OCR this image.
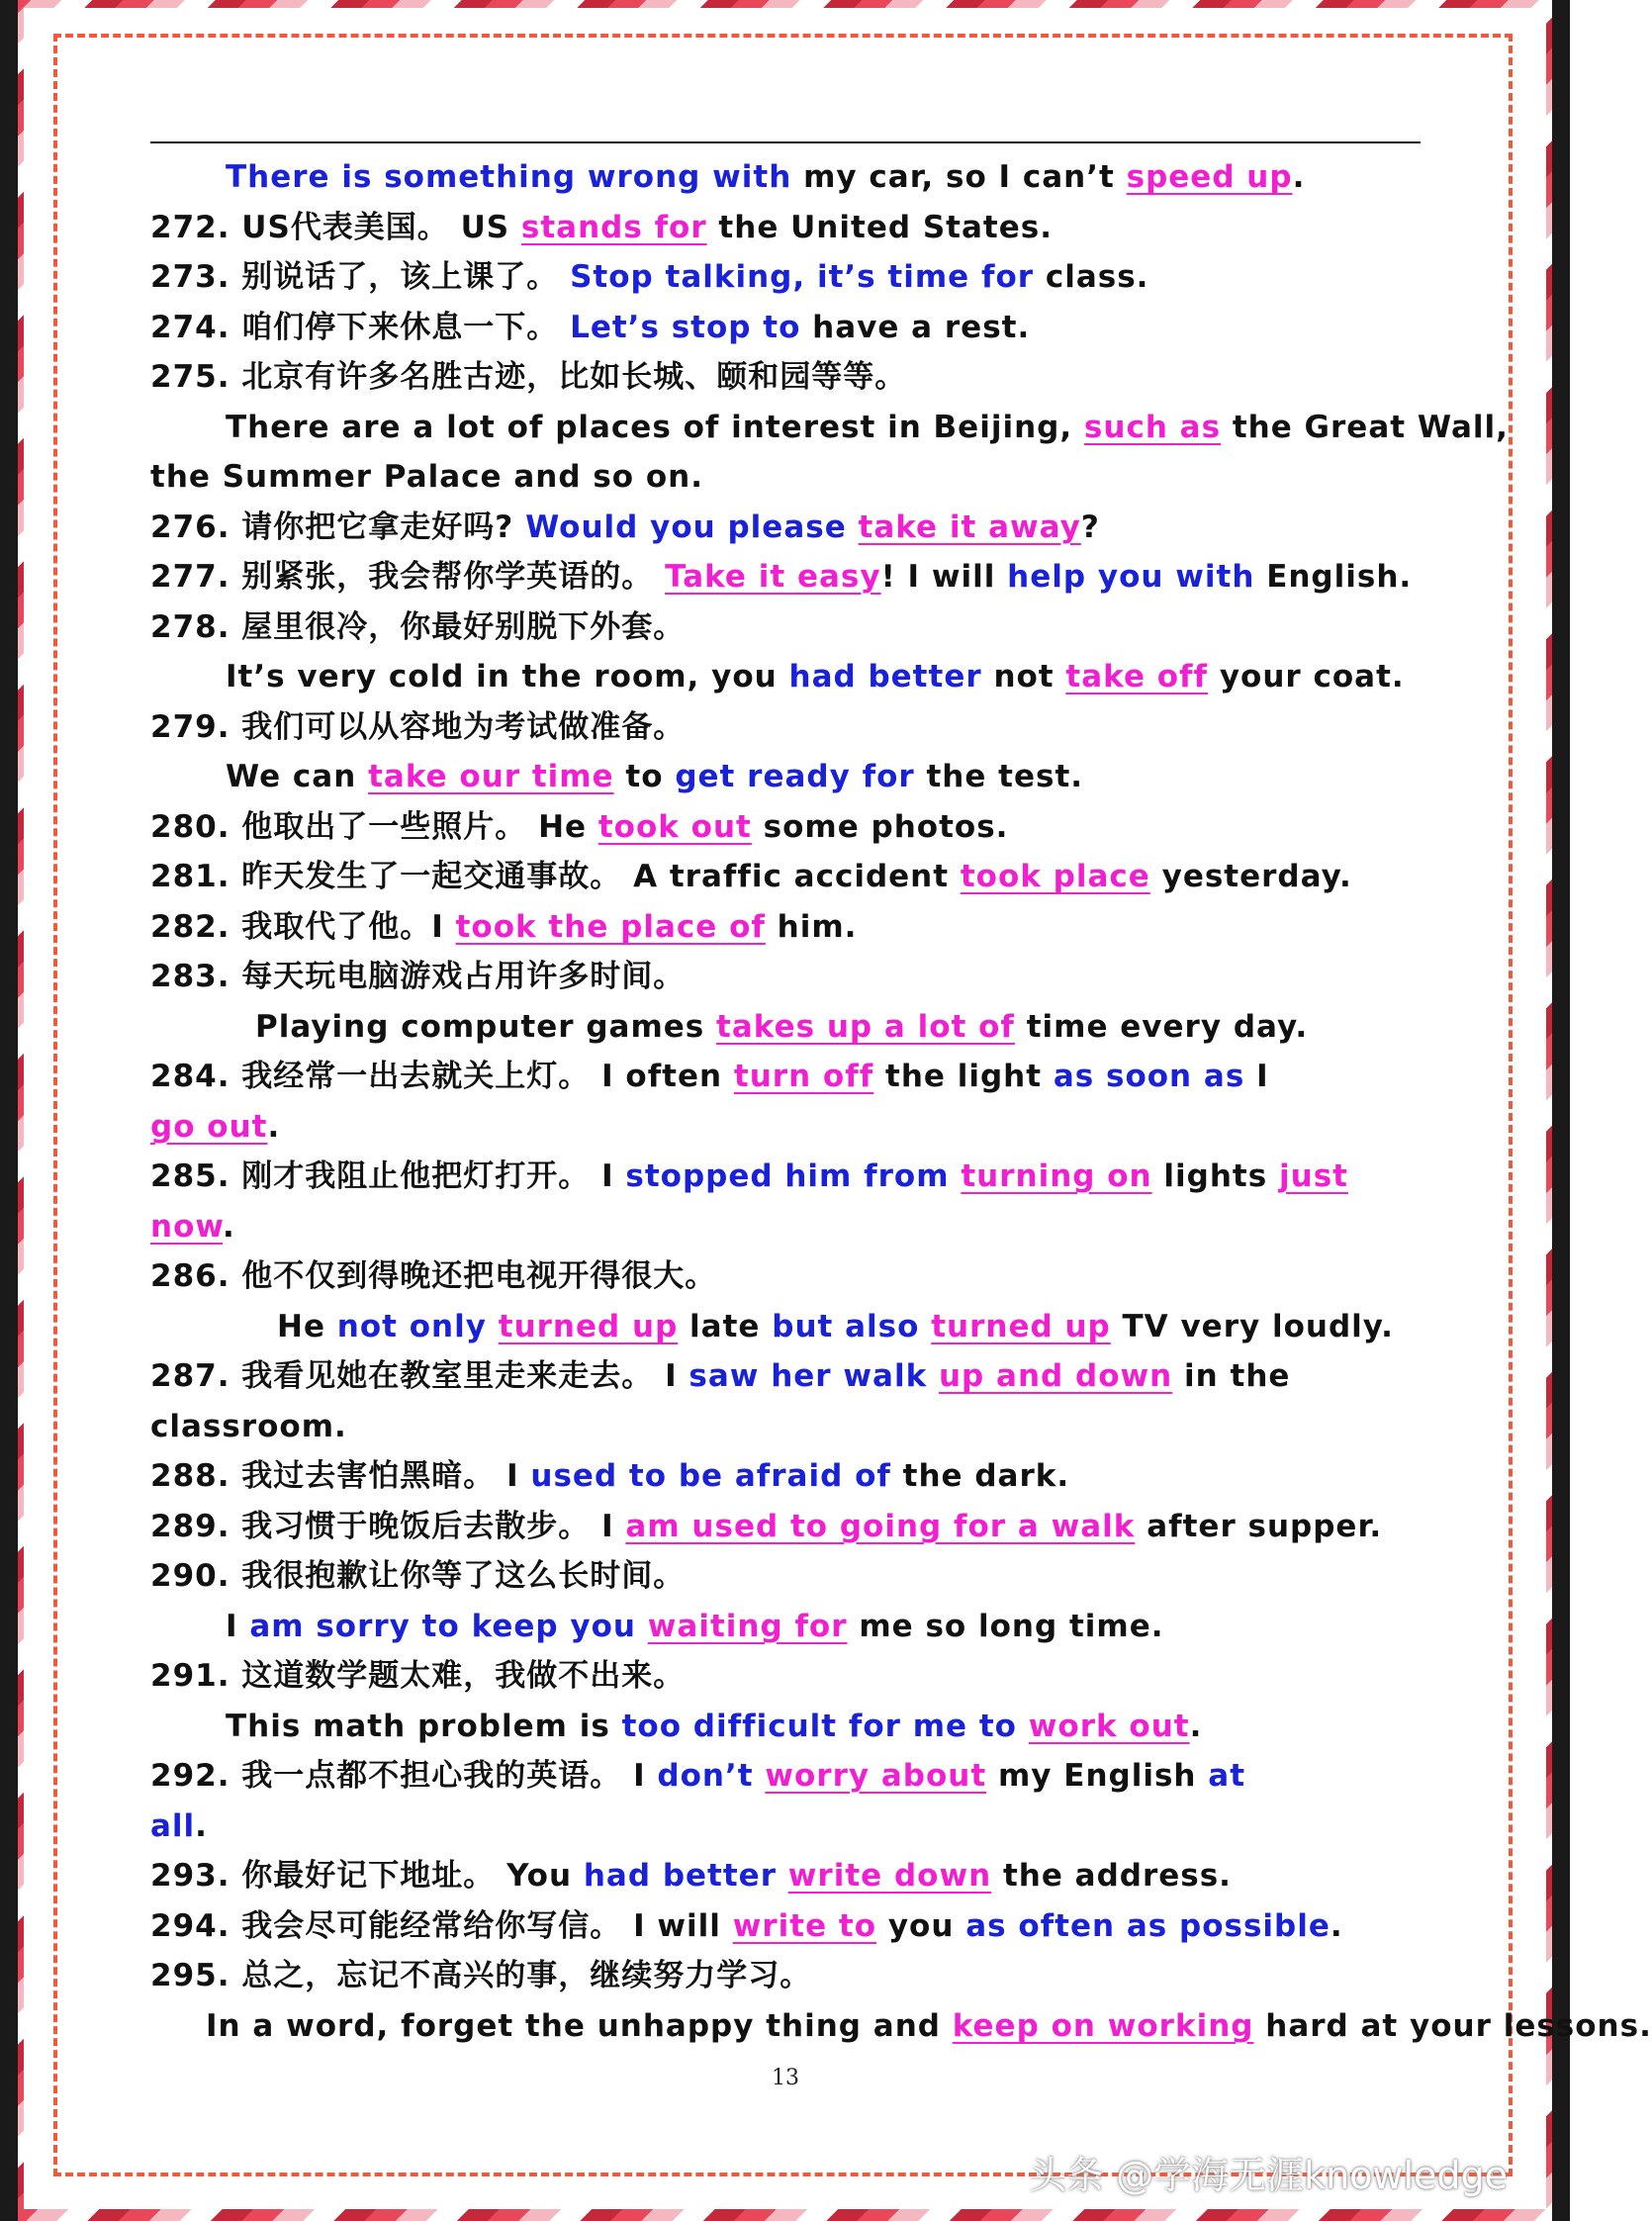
There is something wrong with my car, so I can’t speed up.
272. US代表美国。 US stands for the United States.
273. 别说话了，该上课了。 Stop talking, it’s time for class.
274. 咱们停下来休息一下。 Let’s stop to have a rest.
275. 北京有许多名胜古迹，比如长城、颐和园等等。
There are a lot of places of interest in Beijing, such as the Great Wall,
the Summer Palace and so on.
276. 请你把它拿走好吗? Would you please take it away?
277. 别紧张，我会帮你学英语的。 Take it easy! I will help you with English.
278. 屋里很冷，你最好别脱下外套。
It’s very cold in the room, you had better not take off your coat.
279. 我们可以从容地为考试做准备。
We can take our time to get ready for the test.
280. 他取出了一些照片。 He took out some photos.
281. 昨天发生了一起交通事故。 A traffic accident took place yesterday.
282. 我取代了他。I took the place of him.
283. 每天玩电脑游戏占用许多时间。
Playing computer games takes up a lot of time every day.
284. 我经常一出去就关上灯。 I often turn off the light as soon as I
go out.
285. 刚才我阻止他把灯打开。 I stopped him from turning on lights just
now.
286. 他不仅到得晚还把电视开得很大。
He not only turned up late but also turned up TV very loudly.
287. 我看见她在教室里走来走去。 I saw her walk up and down in the
classroom.
288. 我过去害怕黑暗。 I used to be afraid of the dark.
289. 我习惯于晚饭后去散步。 I am used to going for a walk after supper.
290. 我很抱歉让你等了这么长时间。
I am sorry to keep you waiting for me so long time.
291. 这道数学题太难，我做不出来。
This math problem is too difficult for me to work out.
292. 我一点都不担心我的英语。 I don’t worry about my English at
all.
293. 你最好记下地址。 You had better write down the address.
294. 我会尽可能经常给你写信。 I will write to you as often as possible.
295. 总之，忘记不高兴的事，继续努力学习。
In a word, forget the unhappy thing and keep on working hard at your lessons.
13
头条 @学海无涯knowledge
